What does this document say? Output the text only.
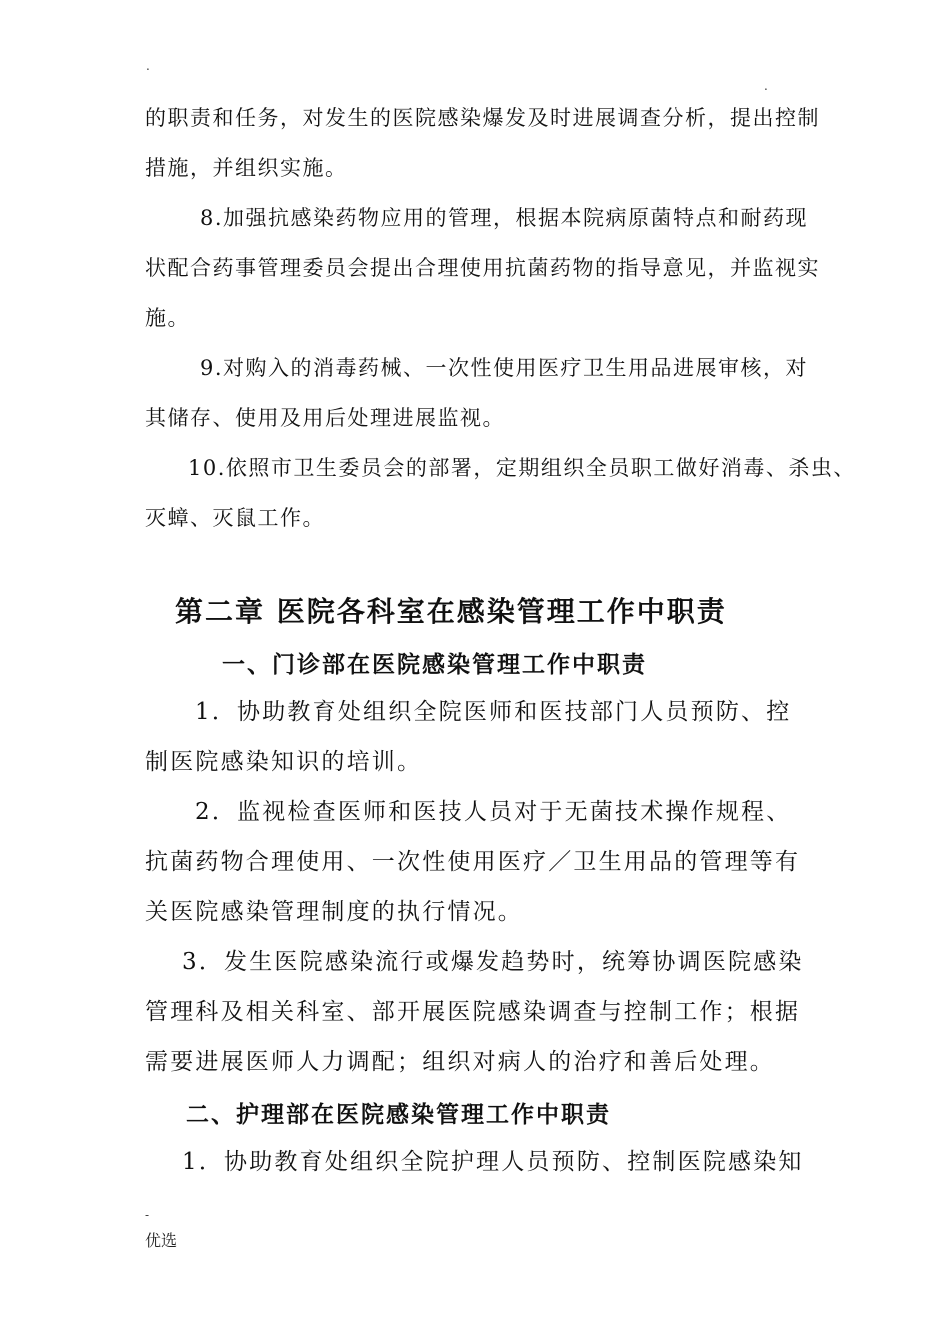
.
.
的职责和任务，对发生的医院感染爆发及时进展调查分析，提出控制
措施，并组织实施。
8.加强抗感染药物应用的管理，根据本院病原菌特点和耐药现
状配合药事管理委员会提出合理使用抗菌药物的指导意见，并监视实
施。
9.对购入的消毒药械、一次性使用医疗卫生用品进展审核，对
其储存、使用及用后处理进展监视。
10.依照市卫生委员会的部署，定期组织全员职工做好消毒、杀虫、
灭蟑、灭鼠工作。
第二章 医院各科室在感染管理工作中职责
一、门诊部在医院感染管理工作中职责
1．协助教育处组织全院医师和医技部门人员预防、控
制医院感染知识的培训。
2．监视检查医师和医技人员对于无菌技术操作规程、
抗菌药物合理使用、一次性使用医疗／卫生用品的管理等有
关医院感染管理制度的执行情况。
3．发生医院感染流行或爆发趋势时，统筹协调医院感染
管理科及相关科室、部开展医院感染调查与控制工作；根据
需要进展医师人力调配；组织对病人的治疗和善后处理。
二、护理部在医院感染管理工作中职责
1．协助教育处组织全院护理人员预防、控制医院感染知
-
优选
